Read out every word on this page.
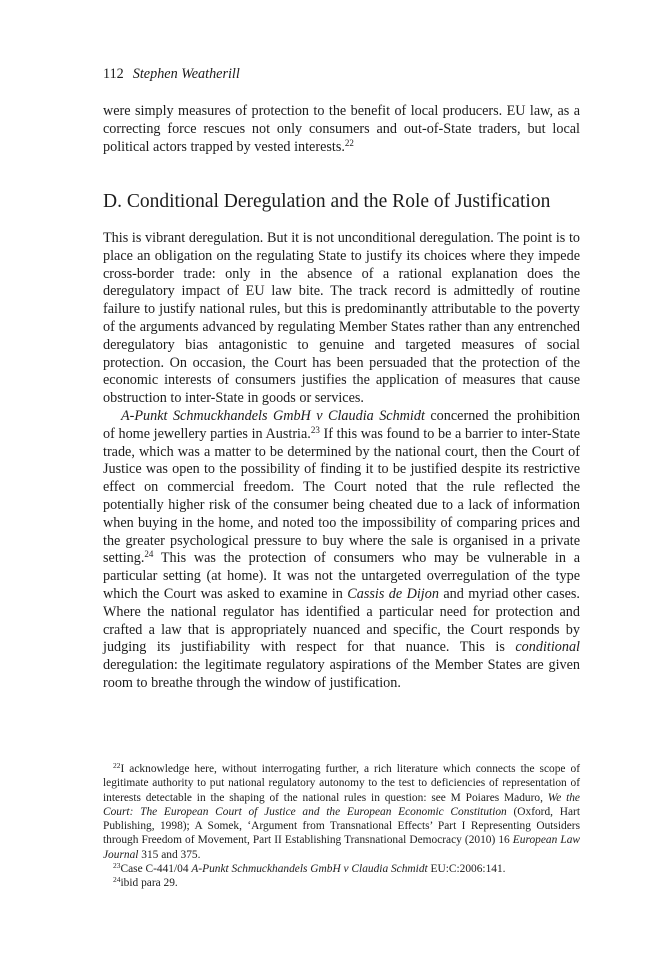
112 Stephen Weatherill

were simply measures of protection to the benefit of local producers. EU law, as a correcting force rescues not only consumers and out-of-State traders, but local political actors trapped by vested interests.$^{22}$

D. Conditional Deregulation and the Role of Justification

This is vibrant deregulation. But it is not unconditional deregulation. The point is to place an obligation on the regulating State to justify its choices where they impede cross-border trade: only in the absence of a rational explanation does the deregulatory impact of EU law bite. The track record is admittedly of routine failure to justify national rules, but this is predominantly attributable to the poverty of the arguments advanced by regulating Member States rather than any entrenched deregulatory bias antagonistic to genuine and targeted measures of social protection. On occasion, the Court has been persuaded that the protection of the economic interests of consumers justifies the application of measures that cause obstruction to inter-State in goods or services.

A-Punkt Schmuckhandels GmbH v Claudia Schmidt concerned the prohibition of home jewellery parties in Austria.$^{23}$ If this was found to be a barrier to inter-State trade, which was a matter to be determined by the national court, then the Court of Justice was open to the possibility of finding it to be justified despite its restrictive effect on commercial freedom. The Court noted that the rule reflected the potentially higher risk of the consumer being cheated due to a lack of information when buying in the home, and noted too the impossibility of comparing prices and the greater psychological pressure to buy where the sale is organised in a private setting.$^{24}$ This was the protection of consumers who may be vulnerable in a particular setting (at home). It was not the untargeted overregulation of the type which the Court was asked to examine in Cassis de Dijon and myriad other cases. Where the national regulator has identified a particular need for protection and crafted a law that is appropriately nuanced and specific, the Court responds by judging its justifiability with respect for that nuance. This is conditional deregulation: the legitimate regulatory aspirations of the Member States are given room to breathe through the window of justification.

$^{22}$I acknowledge here, without interrogating further, a rich literature which connects the scope of legitimate authority to put national regulatory autonomy to the test to deficiencies of representation of interests detectable in the shaping of the national rules in question: see M Poiares Maduro, We the Court: The European Court of Justice and the European Economic Constitution (Oxford, Hart Publishing, 1998); A Somek, ‘Argument from Transnational Effects’ Part I Representing Outsiders through Freedom of Movement, Part II Establishing Transnational Democracy (2010) 16 European Law Journal 315 and 375.

$^{23}$Case C-441/04 A-Punkt Schmuckhandels GmbH v Claudia Schmidt EU:C:2006:141.

$^{24}$ibid para 29.
